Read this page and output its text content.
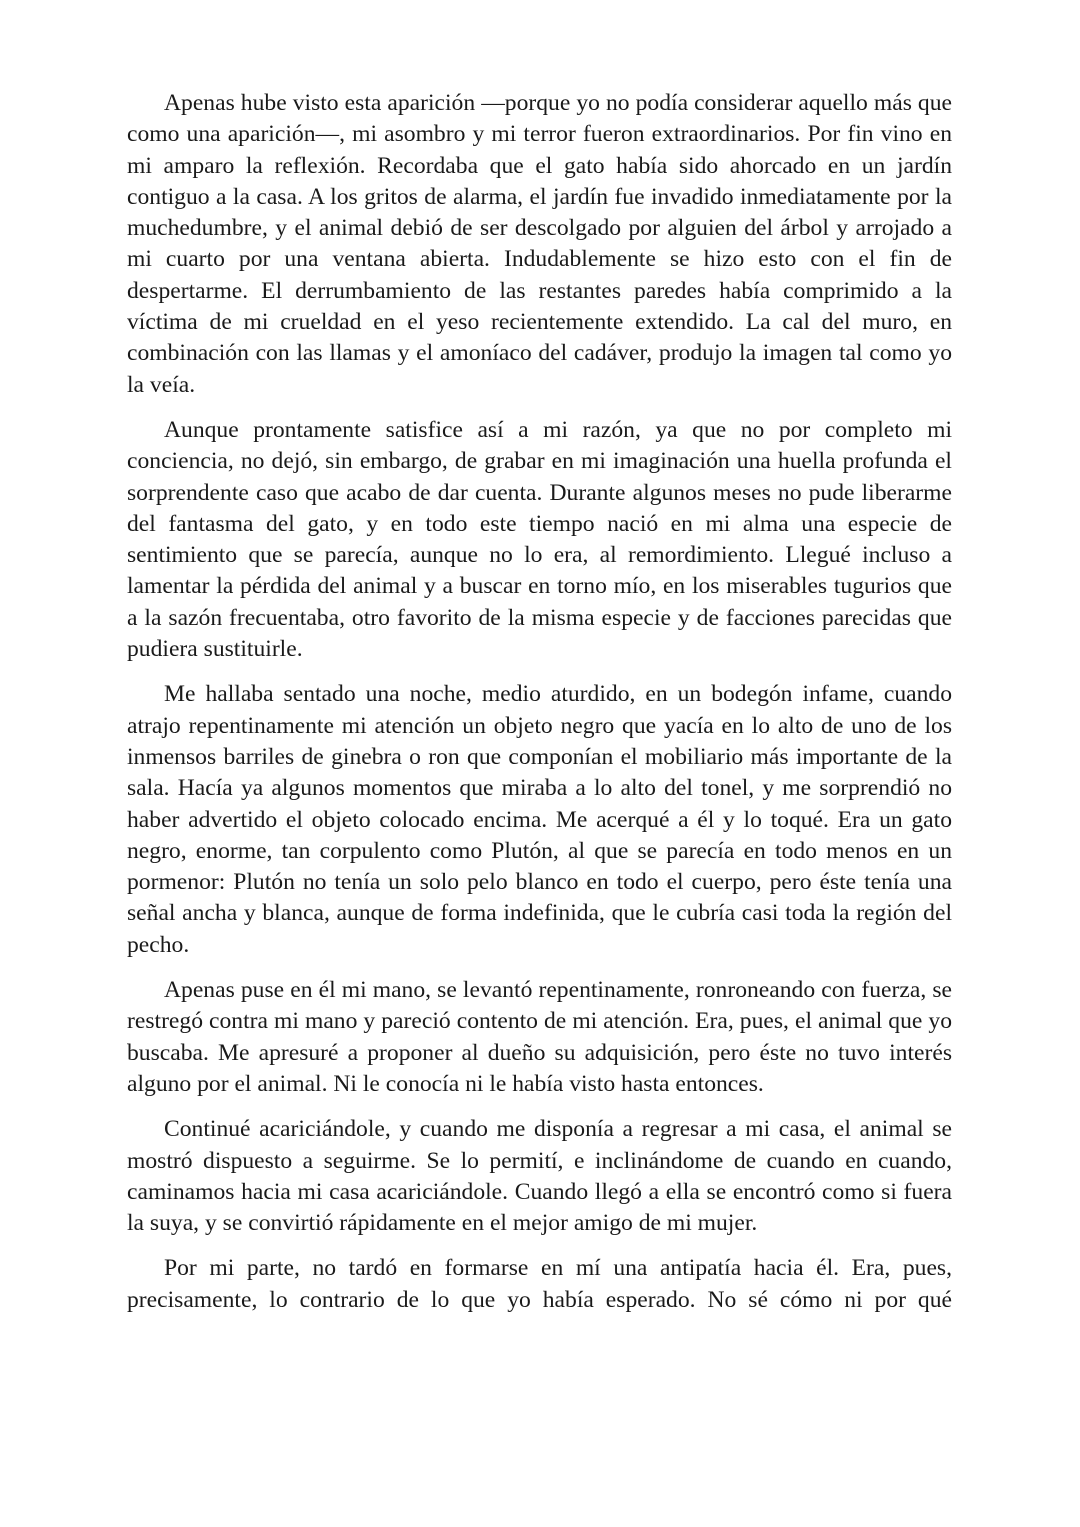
Apenas hube visto esta aparición —porque yo no podía considerar aquello más que como una aparición—, mi asombro y mi terror fueron extraordinarios. Por fin vino en mi amparo la reflexión. Recordaba que el gato había sido ahorcado en un jardín contiguo a la casa. A los gritos de alarma, el jardín fue invadido inmediatamente por la muchedumbre, y el animal debió de ser descolgado por alguien del árbol y arrojado a mi cuarto por una ventana abierta. Indudablemente se hizo esto con el fin de despertarme. El derrumbamiento de las restantes paredes había comprimido a la víctima de mi crueldad en el yeso recientemente extendido. La cal del muro, en combinación con las llamas y el amoníaco del cadáver, produjo la imagen tal como yo la veía.

Aunque prontamente satisfice así a mi razón, ya que no por completo mi conciencia, no dejó, sin embargo, de grabar en mi imaginación una huella profunda el sorprendente caso que acabo de dar cuenta. Durante algunos meses no pude liberarme del fantasma del gato, y en todo este tiempo nació en mi alma una especie de sentimiento que se parecía, aunque no lo era, al remordimiento. Llegué incluso a lamentar la pérdida del animal y a buscar en torno mío, en los miserables tugurios que a la sazón frecuentaba, otro favorito de la misma especie y de facciones parecidas que pudiera sustituirle.

Me hallaba sentado una noche, medio aturdido, en un bodegón infame, cuando atrajo repentinamente mi atención un objeto negro que yacía en lo alto de uno de los inmensos barriles de ginebra o ron que componían el mobiliario más importante de la sala. Hacía ya algunos momentos que miraba a lo alto del tonel, y me sorprendió no haber advertido el objeto colocado encima. Me acerqué a él y lo toqué. Era un gato negro, enorme, tan corpulento como Plutón, al que se parecía en todo menos en un pormenor: Plutón no tenía un solo pelo blanco en todo el cuerpo, pero éste tenía una señal ancha y blanca, aunque de forma indefinida, que le cubría casi toda la región del pecho.

Apenas puse en él mi mano, se levantó repentinamente, ronroneando con fuerza, se restregó contra mi mano y pareció contento de mi atención. Era, pues, el animal que yo buscaba. Me apresuré a proponer al dueño su adquisición, pero éste no tuvo interés alguno por el animal. Ni le conocía ni le había visto hasta entonces.

Continué acariciándole, y cuando me disponía a regresar a mi casa, el animal se mostró dispuesto a seguirme. Se lo permití, e inclinándome de cuando en cuando, caminamos hacia mi casa acariciándole. Cuando llegó a ella se encontró como si fuera la suya, y se convirtió rápidamente en el mejor amigo de mi mujer.

Por mi parte, no tardó en formarse en mí una antipatía hacia él. Era, pues, precisamente, lo contrario de lo que yo había esperado. No sé cómo ni por qué
